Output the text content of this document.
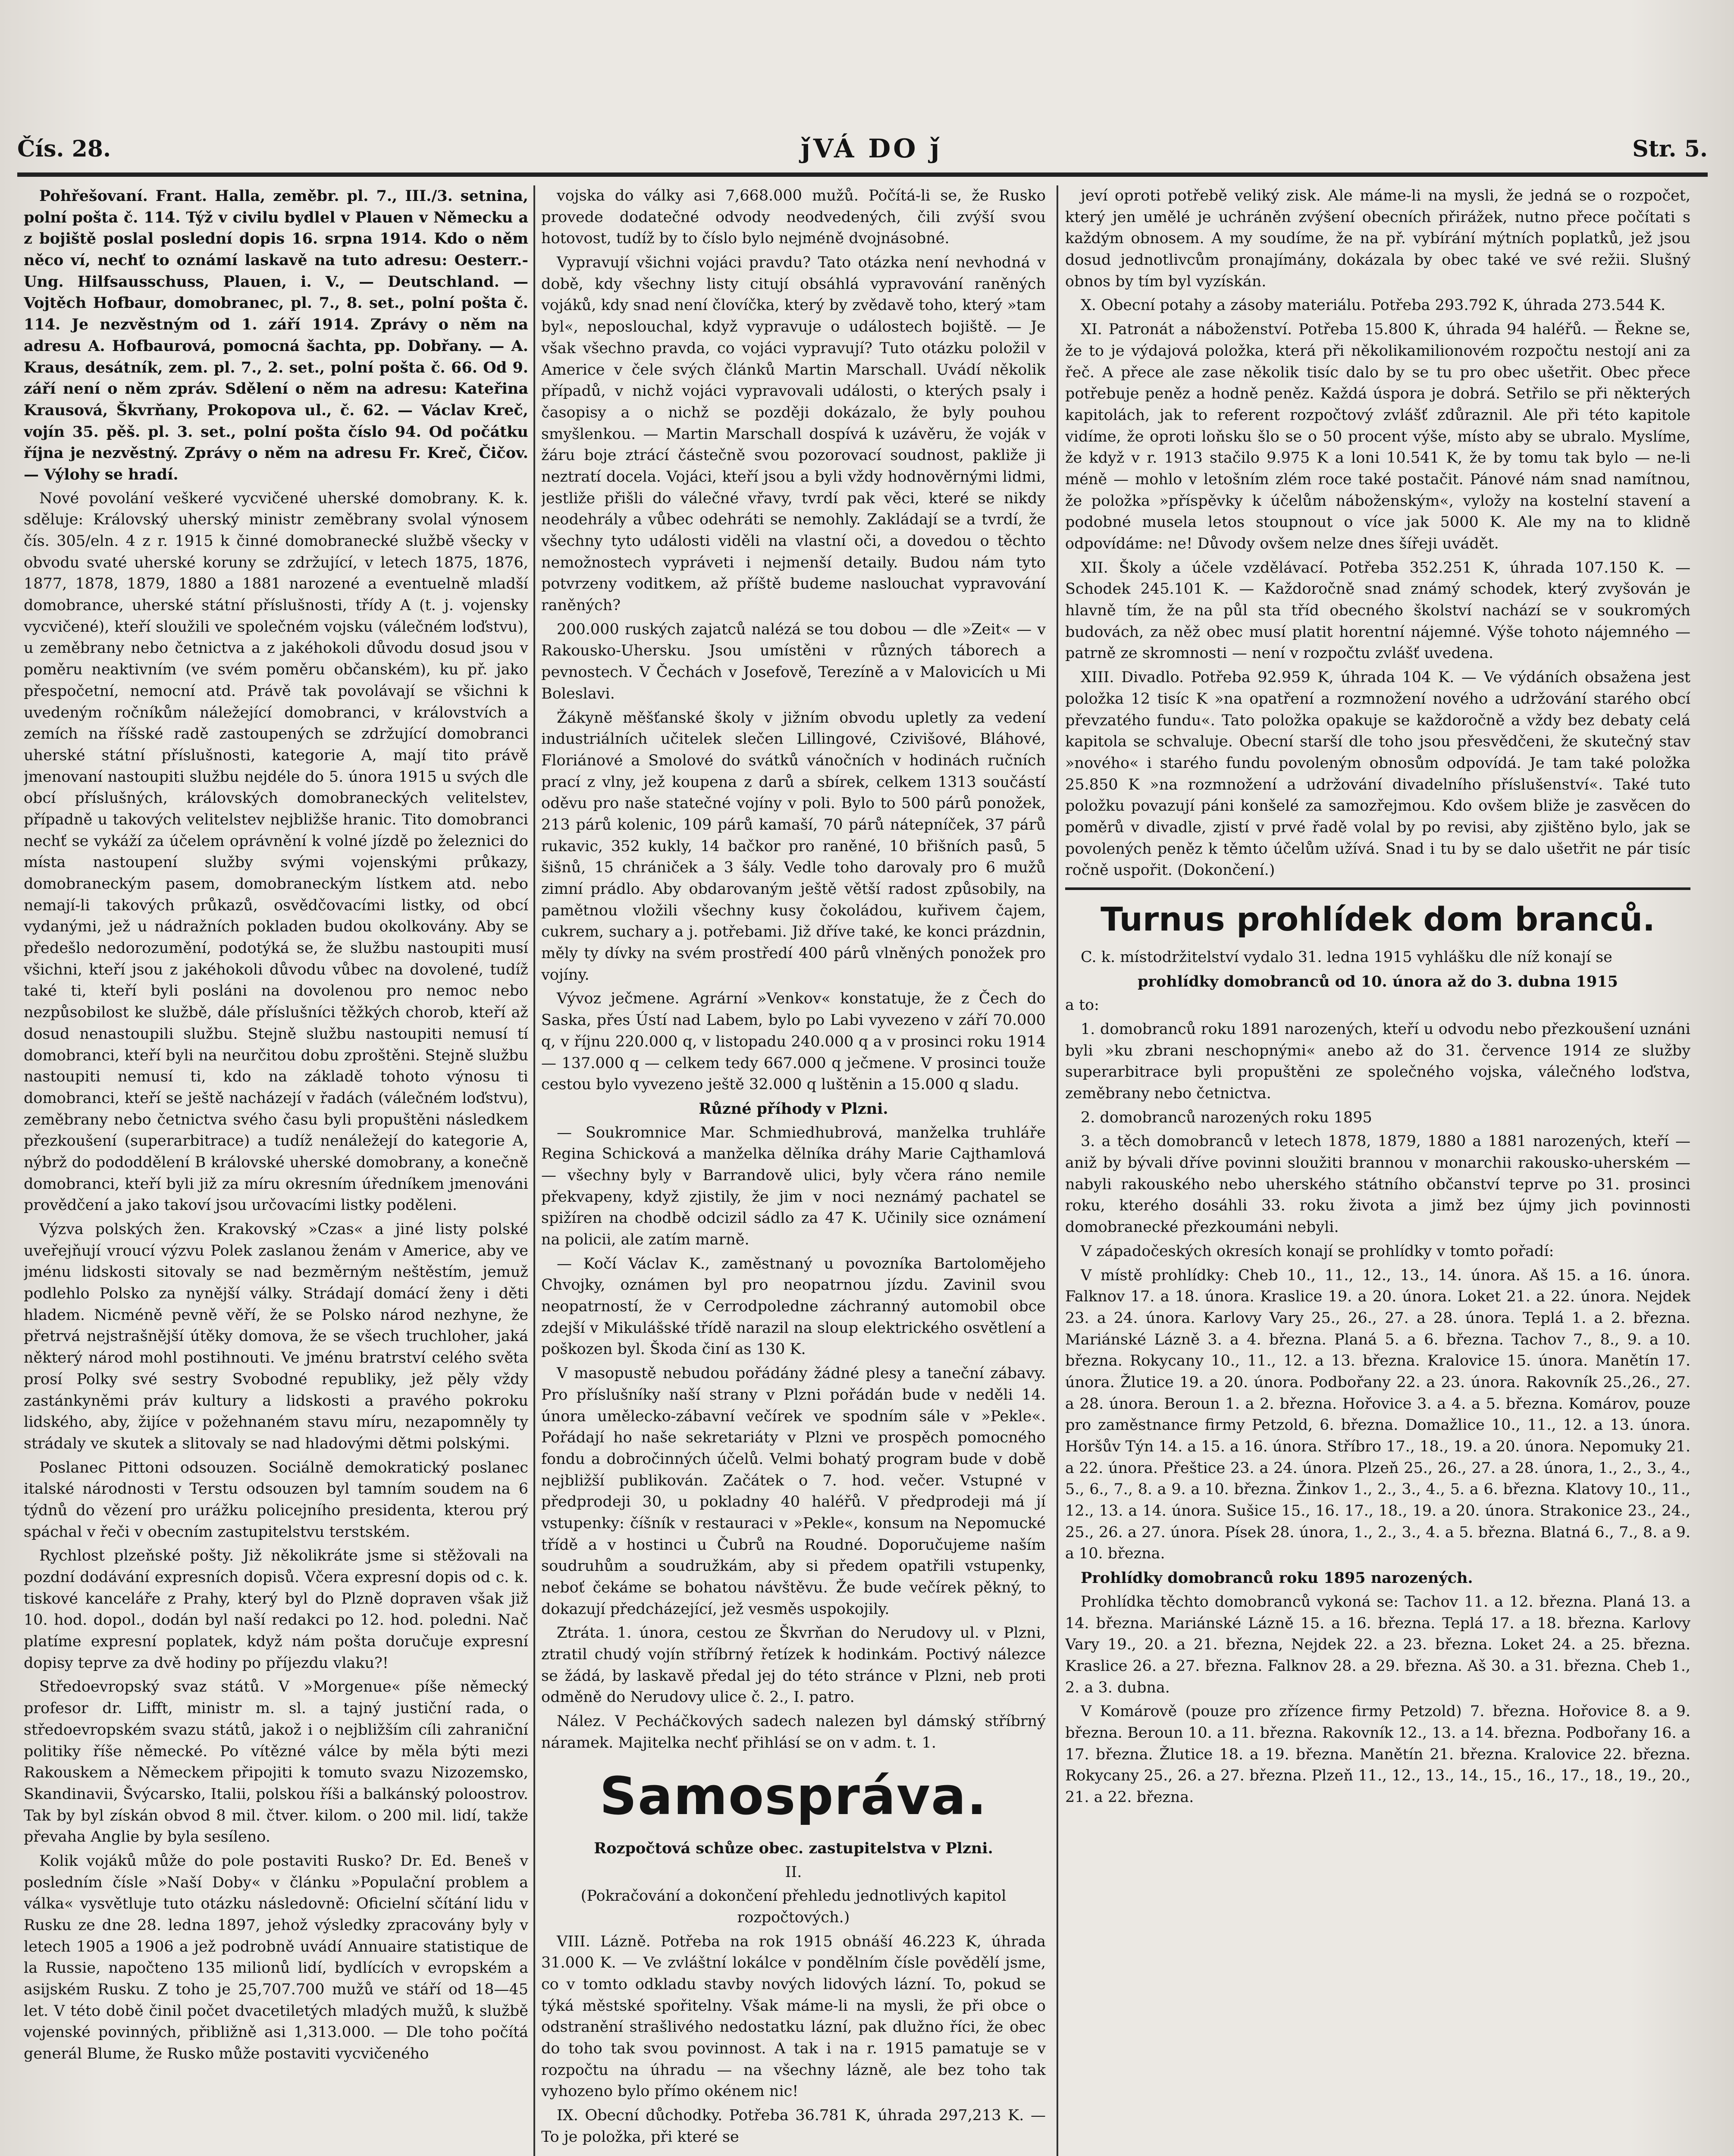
Čís. 28.	ǰVÁ DO ǰ	Str. 5.

Pohřešovaní. Frant. Halla, zeměbr. pl. 7., III./3. setnina, polní pošta č. 114. Týž v civilu bydlel v Plauen v Německu a z bojiště poslal poslední dopis 16. srpna 1914. Kdo o něm něco ví, nechť to oznámí laskavě na tuto adresu: Oesterr.-Ung. Hilfsausschuss, Plauen, i. V., — Deutschland. — Vojtěch Hofbaur, domobranec, pl. 7., 8. set., polní pošta č. 114. Je nezvěstným od 1. září 1914. Zprávy o něm na adresu A. Hofbaurová, pomocná šachta, pp. Dobřany. — A. Kraus, desátník, zem. pl. 7., 2. set., polní pošta č. 66. Od 9. září není o něm zpráv. Sdělení o něm na adresu: Kateřina Krausová, Škvrňany, Prokopova ul., č. 62. — Václav Kreč, vojín 35. pěš. pl. 3. set., polní pošta číslo 94. Od počátku října je nezvěstný. Zprávy o něm na adresu Fr. Kreč, Čičov. — Výlohy se hradí.

Nové povolání veškeré vycvičené uherské domobrany. K. k. sděluje: Královský uherský ministr zeměbrany svolal výnosem čís. 305/eln. 4 z r. 1915 k činné domobranecké službě všecky v obvodu svaté uherské koruny se zdržující, v letech 1875, 1876, 1877, 1878, 1879, 1880 a 1881 narozené a eventuelně mladší domobrance, uherské státní příslušnosti, třídy A (t. j. vojensky vycvičené), kteří sloužili ve společném vojsku (válečném loďstvu), u zeměbrany nebo četnictva a z jakéhokoli důvodu dosud jsou v poměru neaktivním (ve svém poměru občanském), ku př. jako přespočetní, nemocní atd. Právě tak povolávají se všichni k uvedeným ročníkům náležející domobranci, v královstvích a zemích na říšské radě zastoupených se zdržující domobranci uherské státní příslušnosti, kategorie A, mají tito právě jmenovaní nastoupiti službu nejdéle do 5. února 1915 u svých dle obcí příslušných, královských domobraneckých velitelstev, případně u takových velitelstev nejbližše hranic. Tito domobranci nechť se vykáží za účelem oprávnění k volné jízdě po železnici do místa nastoupení služby svými vojenskými průkazy, domobraneckým pasem, domobraneckým lístkem atd. nebo nemají-li takových průkazů, osvědčovacími listky, od obcí vydanými, jež u nádražních pokladen budou okolkovány. Aby se předešlo nedorozumění, podotýká se, že službu nastoupiti musí všichni, kteří jsou z jakéhokoli důvodu vůbec na dovolené, tudíž také ti, kteří byli posláni na dovolenou pro nemoc nebo nezpůsobilost ke službě, dále příslušníci těžkých chorob, kteří až dosud nenastoupili službu. Stejně službu nastoupiti nemusí tí domobranci, kteří byli na neurčitou dobu zproštěni. Stejně službu nastoupiti nemusí ti, kdo na základě tohoto výnosu ti domobranci, kteří se ještě nacházejí v řadách (válečném loďstvu), zeměbrany nebo četnictva svého času byli propuštěni následkem přezkoušení (superarbitrace) a tudíž nenáležejí do kategorie A, nýbrž do pododdělení B královské uherské domobrany, a konečně domobranci, kteří byli již za míru okresním úředníkem jmenováni provědčení a jako takoví jsou určovacími listky poděleni.

Výzva polských žen. Krakovský »Czas« a jiné listy polské uveřejňují vroucí výzvu Polek zaslanou ženám v Americe, aby ve jménu lidskosti sitovaly se nad bezměrným neštěstím, jemuž podlehlo Polsko za nynější války. Strádají domácí ženy i děti hladem. Nicméně pevně věří, že se Polsko národ nezhyne, že přetrvá nejstrašnější útěky domova, že se všech truchloher, jaká některý národ mohl postihnouti. Ve jménu bratrství celého světa prosí Polky své sestry Svobodné republiky, jež pěly vždy zastánkyněmi práv kultury a lidskosti a pravého pokroku lidského, aby, žijíce v požehnaném stavu míru, nezapomněly ty strádaly ve skutek a slitovaly se nad hladovými dětmi polskými.

Poslanec Pittoni odsouzen. Sociálně demokratický poslanec italské národnosti v Terstu odsouzen byl tamním soudem na 6 týdnů do vězení pro urážku policejního presidenta, kterou prý spáchal v řeči v obecním zastupitelstvu terstském.

Rychlost plzeňské pošty. Již několikráte jsme si stěžovali na pozdní dodávání expresních dopisů. Včera expresní dopis od c. k. tiskové kanceláře z Prahy, který byl do Plzně dopraven však již 10. hod. dopol., dodán byl naší redakci po 12. hod. poledni. Nač platíme expresní poplatek, když nám pošta doručuje expresní dopisy teprve za dvě hodiny po příjezdu vlaku?!

Středoevropský svaz států. V »Morgenue« píše německý profesor dr. Lifft, ministr m. sl. a tajný justiční rada, o středoevropském svazu států, jakož i o nejbližším cíli zahraniční politiky říše německé. Po vítězné válce by měla býti mezi Rakouskem a Německem připojiti k tomuto svazu Nizozemsko, Skandinavii, Švýcarsko, Italii, polskou říši a balkánský poloostrov. Tak by byl získán obvod 8 mil. čtver. kilom. o 200 mil. lidí, takže převaha Anglie by byla sesíleno.

Kolik vojáků může do pole postaviti Rusko? Dr. Ed. Beneš v posledním čísle »Naší Doby« v článku »Populační problem a válka« vysvětluje tuto otázku následovně: Oficielní sčítání lidu v Rusku ze dne 28. ledna 1897, jehož výsledky zpracovány byly v letech 1905 a 1906 a jež podrobně uvádí Annuaire statistique de la Russie, napočteno 135 milionů lidí, bydlících v evropském a asijském Rusku. Z toho je 25,707.700 mužů ve stáří od 18—45 let. V této době činil počet dvacetiletých mladých mužů, k službě vojenské povinných, přibližně asi 1,313.000. — Dle toho počítá generál Blume, že Rusko může postaviti vycvičeného

vojska do války asi 7,668.000 mužů. Počítá-li se, že Rusko provede dodatečné odvody neodvedených, čili zvýší svou hotovost, tudíž by to číslo bylo nejméně dvojnásobné.

Vypravují všichni vojáci pravdu? Tato otázka není nevhodná v době, kdy všechny listy citují obsáhlá vypravování raněných vojáků, kdy snad není človíčka, který by zvědavě toho, který »tam byl«, neposlouchal, když vypravuje o událostech bojiště. — Je však všechno pravda, co vojáci vypravují? Tuto otázku položil v Americe v čele svých článků Martin Marschall. Uvádí několik případů, v nichž vojáci vypravovali události, o kterých psaly i časopisy a o nichž se později dokázalo, že byly pouhou smyšlenkou. — Martin Marschall dospívá k uzávěru, že voják v žáru boje ztrácí částečně svou pozorovací soudnost, pakliže ji neztratí docela. Vojáci, kteří jsou a byli vždy hodnověrnými lidmi, jestliže přišli do válečné vřavy, tvrdí pak věci, které se nikdy neodehrály a vůbec odehráti se nemohly. Zakládají se a tvrdí, že všechny tyto události viděli na vlastní oči, a dovedou o těchto nemožnostech vypráveti i nejmenší detaily. Budou nám tyto potvrzeny voditkem, až příště budeme naslouchat vypravování raněných?

200.000 ruských zajatců nalézá se tou dobou — dle »Zeit« — v Rakousko-Uhersku. Jsou umístěni v různých táborech a pevnostech. V Čechách v Josefově, Terezíně a v Malovicích u Mi Boleslavi.

Žákyně měšťanské školy v jižním obvodu upletly za vedení industriálních učitelek slečen Lillingové, Czivišové, Bláhové, Floriánové a Smolové do svátků vánočních v hodinách ručních prací z vlny, jež koupena z darů a sbírek, celkem 1313 součástí oděvu pro naše statečné vojíny v poli. Bylo to 500 párů ponožek, 213 párů kolenic, 109 párů kamaší, 70 párů nátepníček, 37 párů rukavic, 352 kukly, 14 bačkor pro raněné, 10 břišních pasů, 5 šišnů, 15 chrániček a 3 šály. Vedle toho darovaly pro 6 mužů zimní prádlo. Aby obdarovaným ještě větší radost způsobily, na pamětnou vložili všechny kusy čokoládou, kuřivem čajem, cukrem, suchary a j. potřebami. Již dříve také, ke konci prázdnin, měly ty dívky na svém prostředí 400 párů vlněných ponožek pro vojíny.

Vývoz ječmene. Agrární »Venkov« konstatuje, že z Čech do Saska, přes Ústí nad Labem, bylo po Labi vyvezeno v září 70.000 q, v říjnu 220.000 q, v listopadu 240.000 q a v prosinci roku 1914 — 137.000 q — celkem tedy 667.000 q ječmene. V prosinci touže cestou bylo vyvezeno ještě 32.000 q luštěnin a 15.000 q sladu.

Různé příhody v Plzni.

— Soukromnice Mar. Schmiedhubrová, manželka truhláře Regina Schicková a manželka dělníka dráhy Marie Cajthamlová — všechny byly v Barrandově ulici, byly včera ráno nemile překvapeny, když zjistily, že jim v noci neznámý pachatel se spižíren na chodbě odcizil sádlo za 47 K. Učinily sice oznámení na policii, ale zatím marně.

— Kočí Václav K., zaměstnaný u povozníka Bartolomějeho Chvojky, oznámen byl pro neopatrnou jízdu. Zavinil svou neopatrností, že v Cerrodpoledne záchranný automobil obce zdejší v Mikulášské třídě narazil na sloup elektrického osvětlení a poškozen byl. Škoda činí as 130 K.

V masopustě nebudou pořádány žádné plesy a taneční zábavy. Pro příslušníky naší strany v Plzni pořádán bude v neděli 14. února umělecko-zábavní večírek ve spodním sále v »Pekle«. Pořádají ho naše sekretariáty v Plzni ve prospěch pomocného fondu a dobročinných účelů. Velmi bohatý program bude v době nejbližší publikován. Začátek o 7. hod. večer. Vstupné v předprodeji 30, u pokladny 40 haléřů. V předprodeji má jí vstupenky: číšník v restauraci v »Pekle«, konsum na Nepomucké třídě a v hostinci u Čubrů na Roudné. Doporučujeme naším soudruhům a soudružkám, aby si předem opatřili vstupenky, neboť čekáme se bohatou návštěvu. Že bude večírek pěkný, to dokazují předcházející, jež vesměs uspokojily.

Ztráta. 1. února, cestou ze Škvrňan do Nerudovy ul. v Plzni, ztratil chudý vojín stříbrný řetízek k hodinkám. Poctivý nálezce se žádá, by laskavě předal jej do této stránce v Plzni, neb proti odměně do Nerudovy ulice č. 2., I. patro.

Nález. V Pecháčkových sadech nalezen byl dámský stříbrný náramek. Majitelka nechť přihlásí se on v adm. t. 1.

Samospráva.

Rozpočtová schůze obec. zastupitelstva v Plzni.

II.

(Pokračování a dokončení přehledu jednotlivých kapitol rozpočtových.)

VIII. Lázně. Potřeba na rok 1915 obnáší 46.223 K, úhrada 31.000 K. — Ve zvláštní lokálce v pondělním čísle povědělí jsme, co v tomto odkladu stavby nových lidových lázní. To, pokud se týká městské spořitelny. Však máme-li na mysli, že při obce o odstranění strašlivého nedostatku lázní, pak dlužno říci, že obec do toho tak svou povinnost. A tak i na r. 1915 pamatuje se v rozpočtu na úhradu — na všechny lázně, ale bez toho tak vyhozeno bylo přímo okénem nic!

IX. Obecní důchodky. Potřeba 36.781 K, úhrada 297,213 K. — To je položka, při které se

jeví oproti potřebě veliký zisk. Ale máme-li na mysli, že jedná se o rozpočet, který jen umělé je uchráněn zvýšení obecních přirážek, nutno přece počítati s každým obnosem. A my soudíme, že na př. vybírání mýtních poplatků, jež jsou dosud jednotlivcům pronajímány, dokázala by obec také ve své režii. Slušný obnos by tím byl vyzískán.

X. Obecní potahy a zásoby materiálu. Potřeba 293.792 K, úhrada 273.544 K.

XI. Patronát a náboženství. Potřeba 15.800 K, úhrada 94 haléřů. — Řekne se, že to je výdajová položka, která při několikamilionovém rozpočtu nestojí ani za řeč. A přece ale zase několik tisíc dalo by se tu pro obec ušetřit. Obec přece potřebuje peněz a hodně peněz. Každá úspora je dobrá. Setřilo se při některých kapitolách, jak to referent rozpočtový zvlášť zdůraznil. Ale při této kapitole vidíme, že oproti loňsku šlo se o 50 procent výše, místo aby se ubralo. Myslíme, že když v r. 1913 stačilo 9.975 K a loni 10.541 K, že by tomu tak bylo — ne-li méně — mohlo v letošním zlém roce také postačit. Pánové nám snad namítnou, že položka »příspěvky k účelům náboženským«, vyložy na kostelní stavení a podobné musela letos stoupnout o více jak 5000 K. Ale my na to klidně odpovídáme: ne! Důvody ovšem nelze dnes šířeji uvádět.

XII. Školy a účele vzdělávací. Potřeba 352.251 K, úhrada 107.150 K. — Schodek 245.101 K. — Každoročně snad známý schodek, který zvyšován je hlavně tím, že na půl sta tříd obecného školství nachází se v soukromých budovách, za něž obec musí platit horentní nájemné. Výše tohoto nájemného — patrně ze skromnosti — není v rozpočtu zvlášť uvedena.

XIII. Divadlo. Potřeba 92.959 K, úhrada 104 K. — Ve výdáních obsažena jest položka 12 tisíc K »na opatření a rozmnožení nového a udržování starého obcí převzatého fundu«. Tato položka opakuje se každoročně a vždy bez debaty celá kapitola se schvaluje. Obecní starší dle toho jsou přesvědčeni, že skutečný stav »nového« i starého fundu povoleným obnosům odpovídá. Je tam také položka 25.850 K »na rozmnožení a udržování divadelního příslušenství«. Také tuto položku povazují páni konšelé za samozřejmou. Kdo ovšem bliže je zasvěcen do poměrů v divadle, zjistí v prvé řadě volal by po revisi, aby zjištěno bylo, jak se povolených peněz k těmto účelům užívá. Snad i tu by se dalo ušetřit ne pár tisíc ročně uspořit. (Dokončení.)

Turnus prohlídek dom branců.

C. k. místodržitelství vydalo 31. ledna 1915 vyhlášku dle níž konají se

prohlídky domobranců od 10. února až do 3. dubna 1915

a to:

1. domobranců roku 1891 narozených, kteří u odvodu nebo přezkoušení uznáni byli »ku zbrani neschopnými« anebo až do 31. července 1914 ze služby superarbitrace byli propuštěni ze společného vojska, válečného loďstva, zeměbrany nebo četnictva.

2. domobranců narozených roku 1895

3. a těch domobranců v letech 1878, 1879, 1880 a 1881 narozených, kteří — aniž by bývali dříve povinni sloužiti brannou v monarchii rakousko-uherském — nabyli rakouského nebo uherského státního občanství teprve po 31. prosinci roku, kterého dosáhli 33. roku života a jimž bez újmy jich povinnosti domobranecké přezkoumáni nebyli.

V západočeských okresích konají se prohlídky v tomto pořadí:

V místě prohlídky: Cheb 10., 11., 12., 13., 14. února. Aš 15. a 16. února. Falknov 17. a 18. února. Kraslice 19. a 20. února. Loket 21. a 22. února. Nejdek 23. a 24. února. Karlovy Vary 25., 26., 27. a 28. února. Teplá 1. a 2. března. Mariánské Lázně 3. a 4. března. Planá 5. a 6. března. Tachov 7., 8., 9. a 10. března. Rokycany 10., 11., 12. a 13. března. Kralovice 15. února. Manětín 17. února. Žlutice 19. a 20. února. Podbořany 22. a 23. února. Rakovník 25.,26., 27. a 28. února. Beroun 1. a 2. března. Hořovice 3. a 4. a 5. března. Komárov, pouze pro zaměstnance firmy Petzold, 6. března. Domažlice 10., 11., 12. a 13. února. Horšův Týn 14. a 15. a 16. února. Stříbro 17., 18., 19. a 20. února. Nepomuky 21. a 22. února. Přeštice 23. a 24. února. Plzeň 25., 26., 27. a 28. února, 1., 2., 3., 4., 5., 6., 7., 8. a 9. a 10. března. Žinkov 1., 2., 3., 4., 5. a 6. března. Klatovy 10., 11., 12., 13. a 14. února. Sušice 15., 16. 17., 18., 19. a 20. února. Strakonice 23., 24., 25., 26. a 27. února. Písek 28. února, 1., 2., 3., 4. a 5. března. Blatná 6., 7., 8. a 9. a 10. března.

Prohlídky domobranců roku 1895 narozených.

Prohlídka těchto domobranců vykoná se: Tachov 11. a 12. března. Planá 13. a 14. března. Mariánské Lázně 15. a 16. března. Teplá 17. a 18. března. Karlovy Vary 19., 20. a 21. března, Nejdek 22. a 23. března. Loket 24. a 25. března. Kraslice 26. a 27. března. Falknov 28. a 29. března. Aš 30. a 31. března. Cheb 1., 2. a 3. dubna.

V Komárově (pouze pro zřízence firmy Petzold) 7. března. Hořovice 8. a 9. března. Beroun 10. a 11. března. Rakovník 12., 13. a 14. března. Podbořany 16. a 17. března. Žlutice 18. a 19. března. Manětín 21. března. Kralovice 22. března. Rokycany 25., 26. a 27. března. Plzeň 11., 12., 13., 14., 15., 16., 17., 18., 19., 20., 21. a 22. března.
